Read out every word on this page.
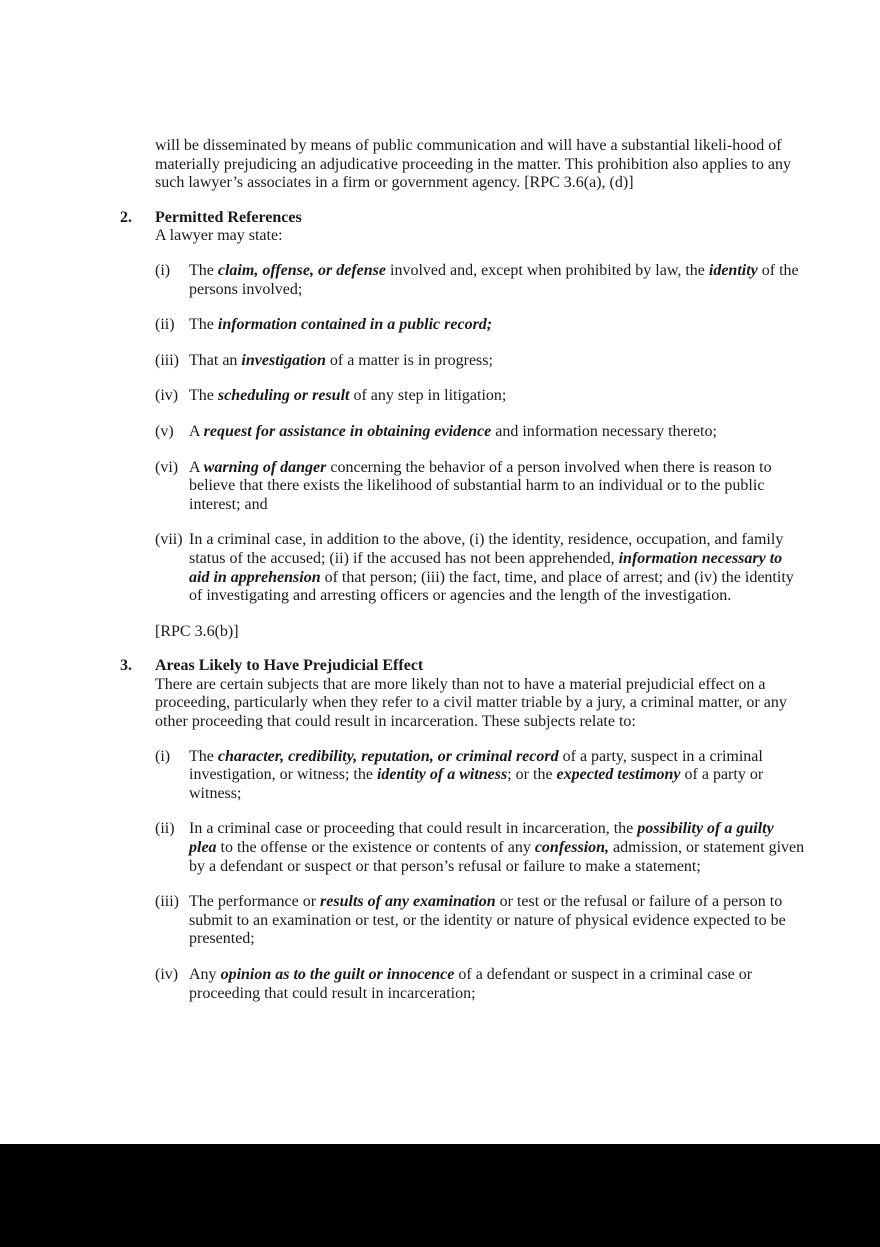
will be disseminated by means of public communication and will have a substantial likeli-hood of materially prejudicing an adjudicative proceeding in the matter. This prohibition also applies to any such lawyer’s associates in a firm or government agency. [RPC 3.6(a), (d)]

2. Permitted References

A lawyer may state:

(i) The claim, offense, or defense involved and, except when prohibited by law, the identity of the persons involved;
(ii) The information contained in a public record;
(iii) That an investigation of a matter is in progress;
(iv) The scheduling or result of any step in litigation;
(v) A request for assistance in obtaining evidence and information necessary thereto;
(vi) A warning of danger concerning the behavior of a person involved when there is reason to believe that there exists the likelihood of substantial harm to an individual or to the public interest; and
(vii) In a criminal case, in addition to the above, (i) the identity, residence, occupation, and family status of the accused; (ii) if the accused has not been apprehended, information necessary to aid in apprehension of that person; (iii) the fact, time, and place of arrest; and (iv) the identity of investigating and arresting officers or agencies and the length of the investigation.

[RPC 3.6(b)]

3. Areas Likely to Have Prejudicial Effect

There are certain subjects that are more likely than not to have a material prejudicial effect on a proceeding, particularly when they refer to a civil matter triable by a jury, a criminal matter, or any other proceeding that could result in incarceration. These subjects relate to:

(i) The character, credibility, reputation, or criminal record of a party, suspect in a criminal investigation, or witness; the identity of a witness; or the expected testimony of a party or witness;
(ii) In a criminal case or proceeding that could result in incarceration, the possibility of a guilty plea to the offense or the existence or contents of any confession, admission, or statement given by a defendant or suspect or that person’s refusal or failure to make a statement;
(iii) The performance or results of any examination or test or the refusal or failure of a person to submit to an examination or test, or the identity or nature of physical evidence expected to be presented;
(iv) Any opinion as to the guilt or innocence of a defendant or suspect in a criminal case or proceeding that could result in incarceration;
